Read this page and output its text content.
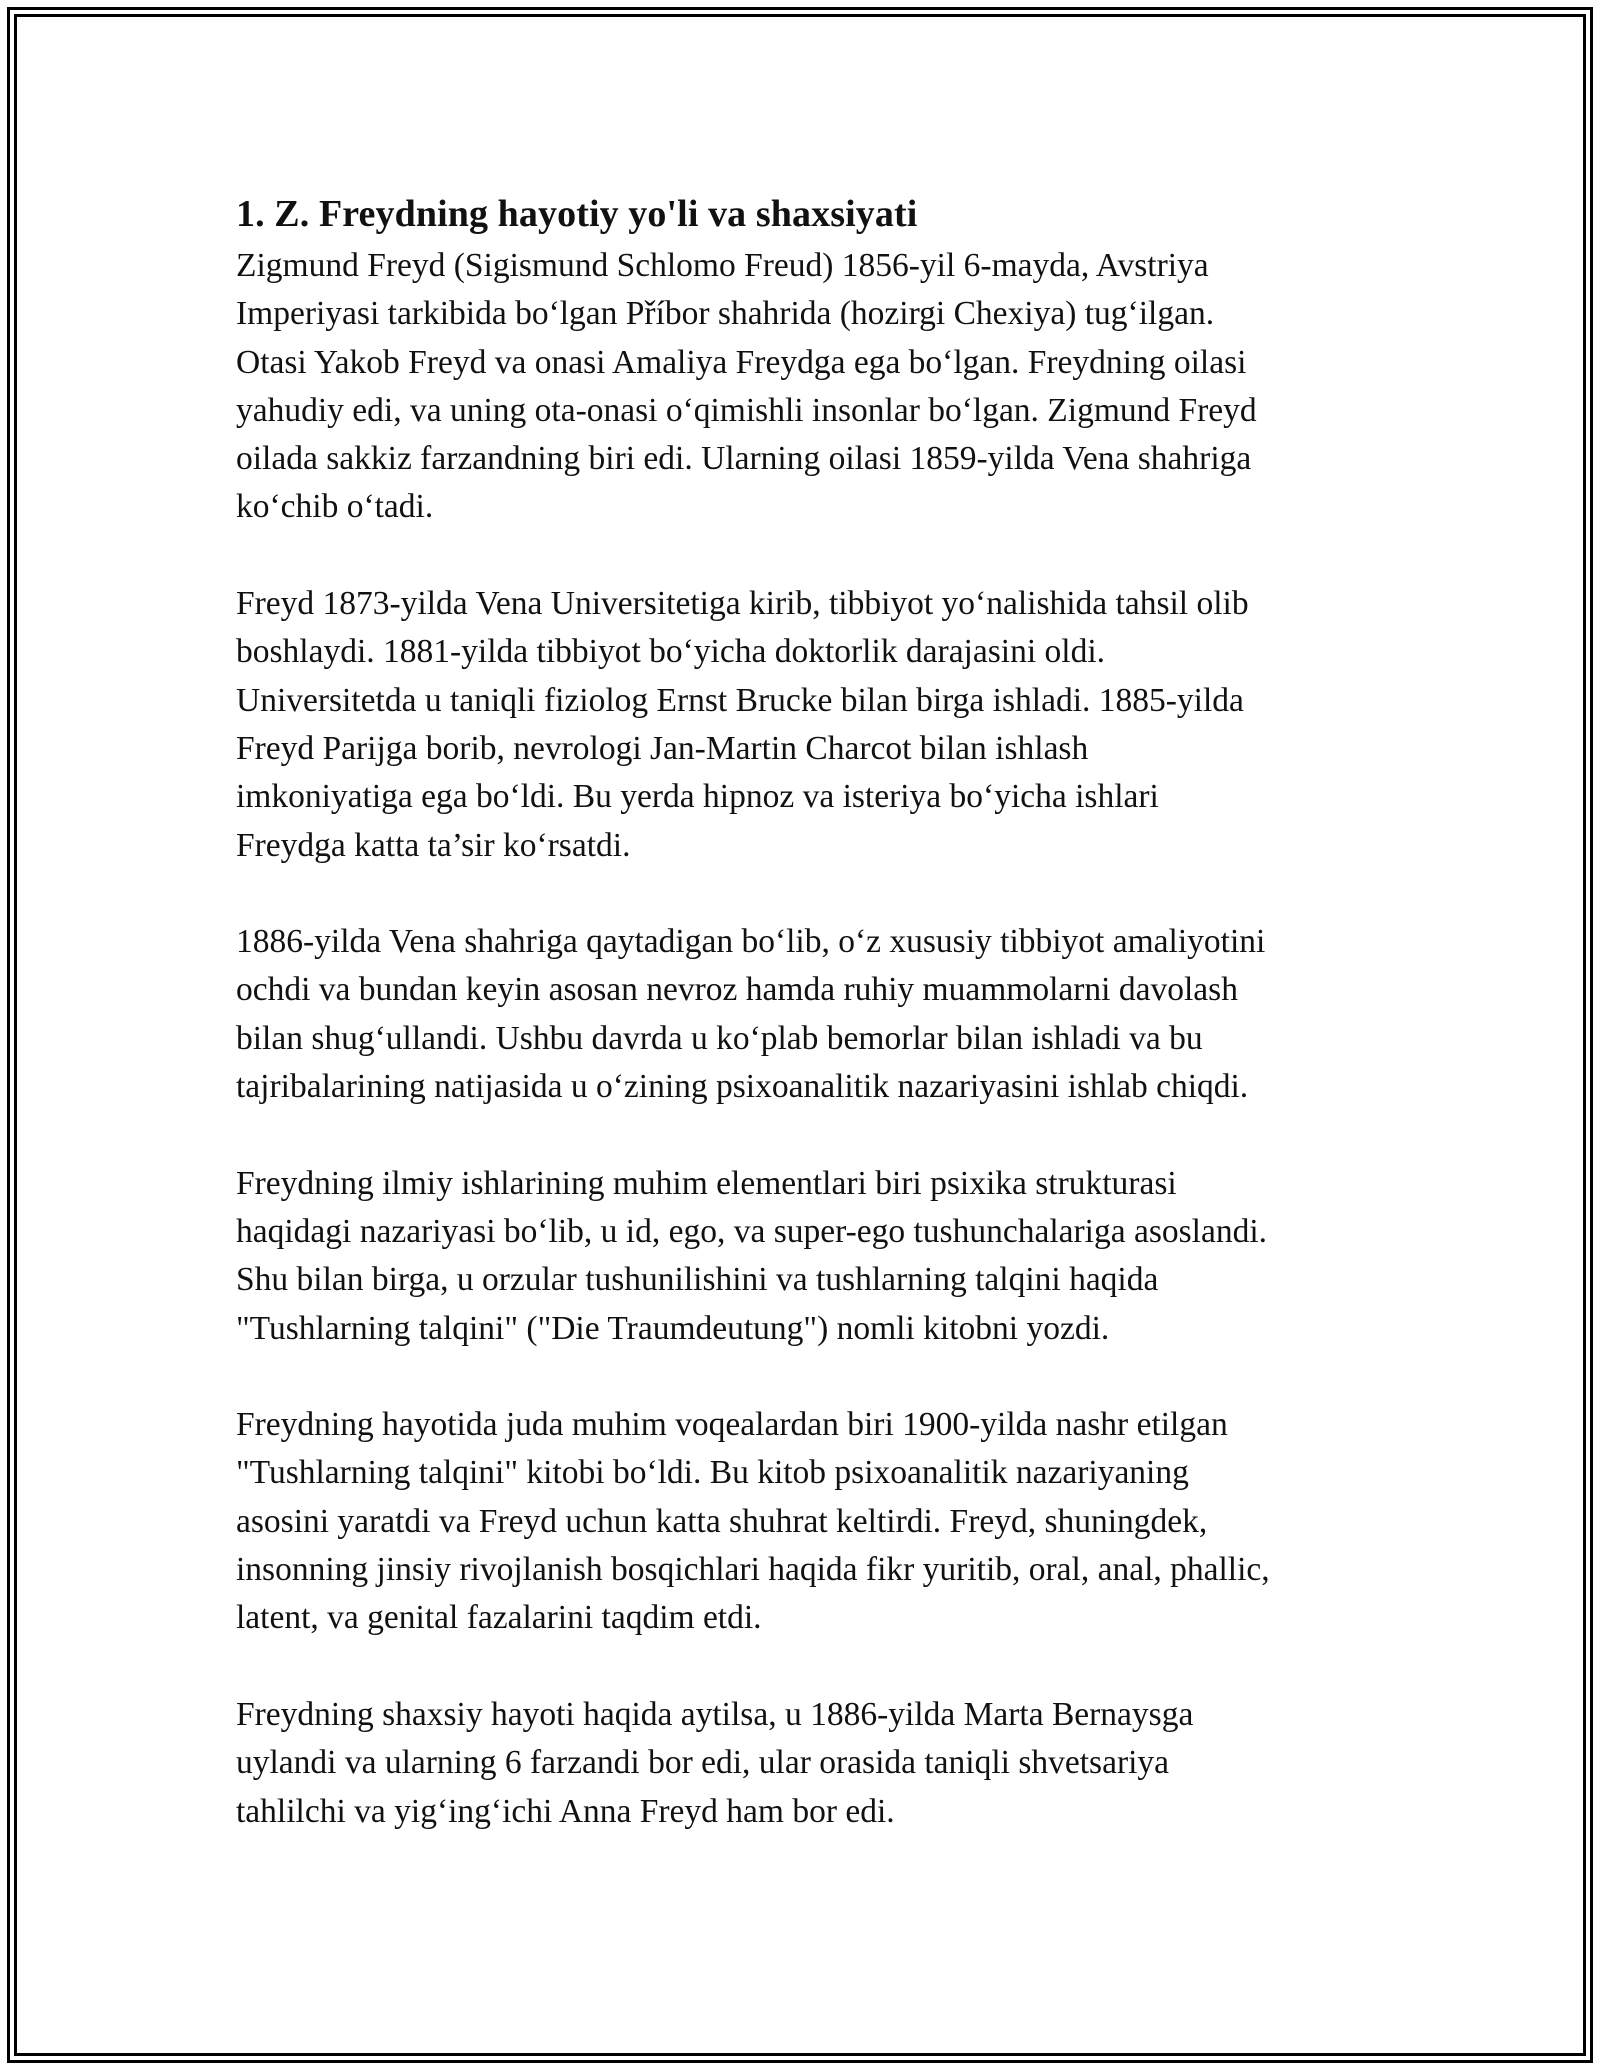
1. Z. Freydning hayotiy yo'li va shaxsiyati

Zigmund Freyd (Sigismund Schlomo Freud) 1856-yil 6-mayda, Avstriya
Imperiyasi tarkibida bo‘lgan Příbor shahrida (hozirgi Chexiya) tug‘ilgan.
Otasi Yakob Freyd va onasi Amaliya Freydga ega bo‘lgan. Freydning oilasi
yahudiy edi, va uning ota-onasi o‘qimishli insonlar bo‘lgan. Zigmund Freyd
oilada sakkiz farzandning biri edi. Ularning oilasi 1859-yilda Vena shahriga
ko‘chib o‘tadi.

Freyd 1873-yilda Vena Universitetiga kirib, tibbiyot yo‘nalishida tahsil olib
boshlaydi. 1881-yilda tibbiyot bo‘yicha doktorlik darajasini oldi.
Universitetda u taniqli fiziolog Ernst Brucke bilan birga ishladi. 1885-yilda
Freyd Parijga borib, nevrologi Jan-Martin Charcot bilan ishlash
imkoniyatiga ega bo‘ldi. Bu yerda hipnoz va isteriya bo‘yicha ishlari
Freydga katta ta’sir ko‘rsatdi.

1886-yilda Vena shahriga qaytadigan bo‘lib, o‘z xususiy tibbiyot amaliyotini
ochdi va bundan keyin asosan nevroz hamda ruhiy muammolarni davolash
bilan shug‘ullandi. Ushbu davrda u ko‘plab bemorlar bilan ishladi va bu
tajribalarining natijasida u o‘zining psixoanalitik nazariyasini ishlab chiqdi.

Freydning ilmiy ishlarining muhim elementlari biri psixika strukturasi
haqidagi nazariyasi bo‘lib, u id, ego, va super-ego tushunchalariga asoslandi.
Shu bilan birga, u orzular tushunilishini va tushlarning talqini haqida
"Tushlarning talqini" ("Die Traumdeutung") nomli kitobni yozdi.

Freydning hayotida juda muhim voqealardan biri 1900-yilda nashr etilgan
"Tushlarning talqini" kitobi bo‘ldi. Bu kitob psixoanalitik nazariyaning
asosini yaratdi va Freyd uchun katta shuhrat keltirdi. Freyd, shuningdek,
insonning jinsiy rivojlanish bosqichlari haqida fikr yuritib, oral, anal, phallic,
latent, va genital fazalarini taqdim etdi.

Freydning shaxsiy hayoti haqida aytilsa, u 1886-yilda Marta Bernaysga
uylandi va ularning 6 farzandi bor edi, ular orasida taniqli shvetsariya
tahlilchi va yig‘ing‘ichi Anna Freyd ham bor edi.
